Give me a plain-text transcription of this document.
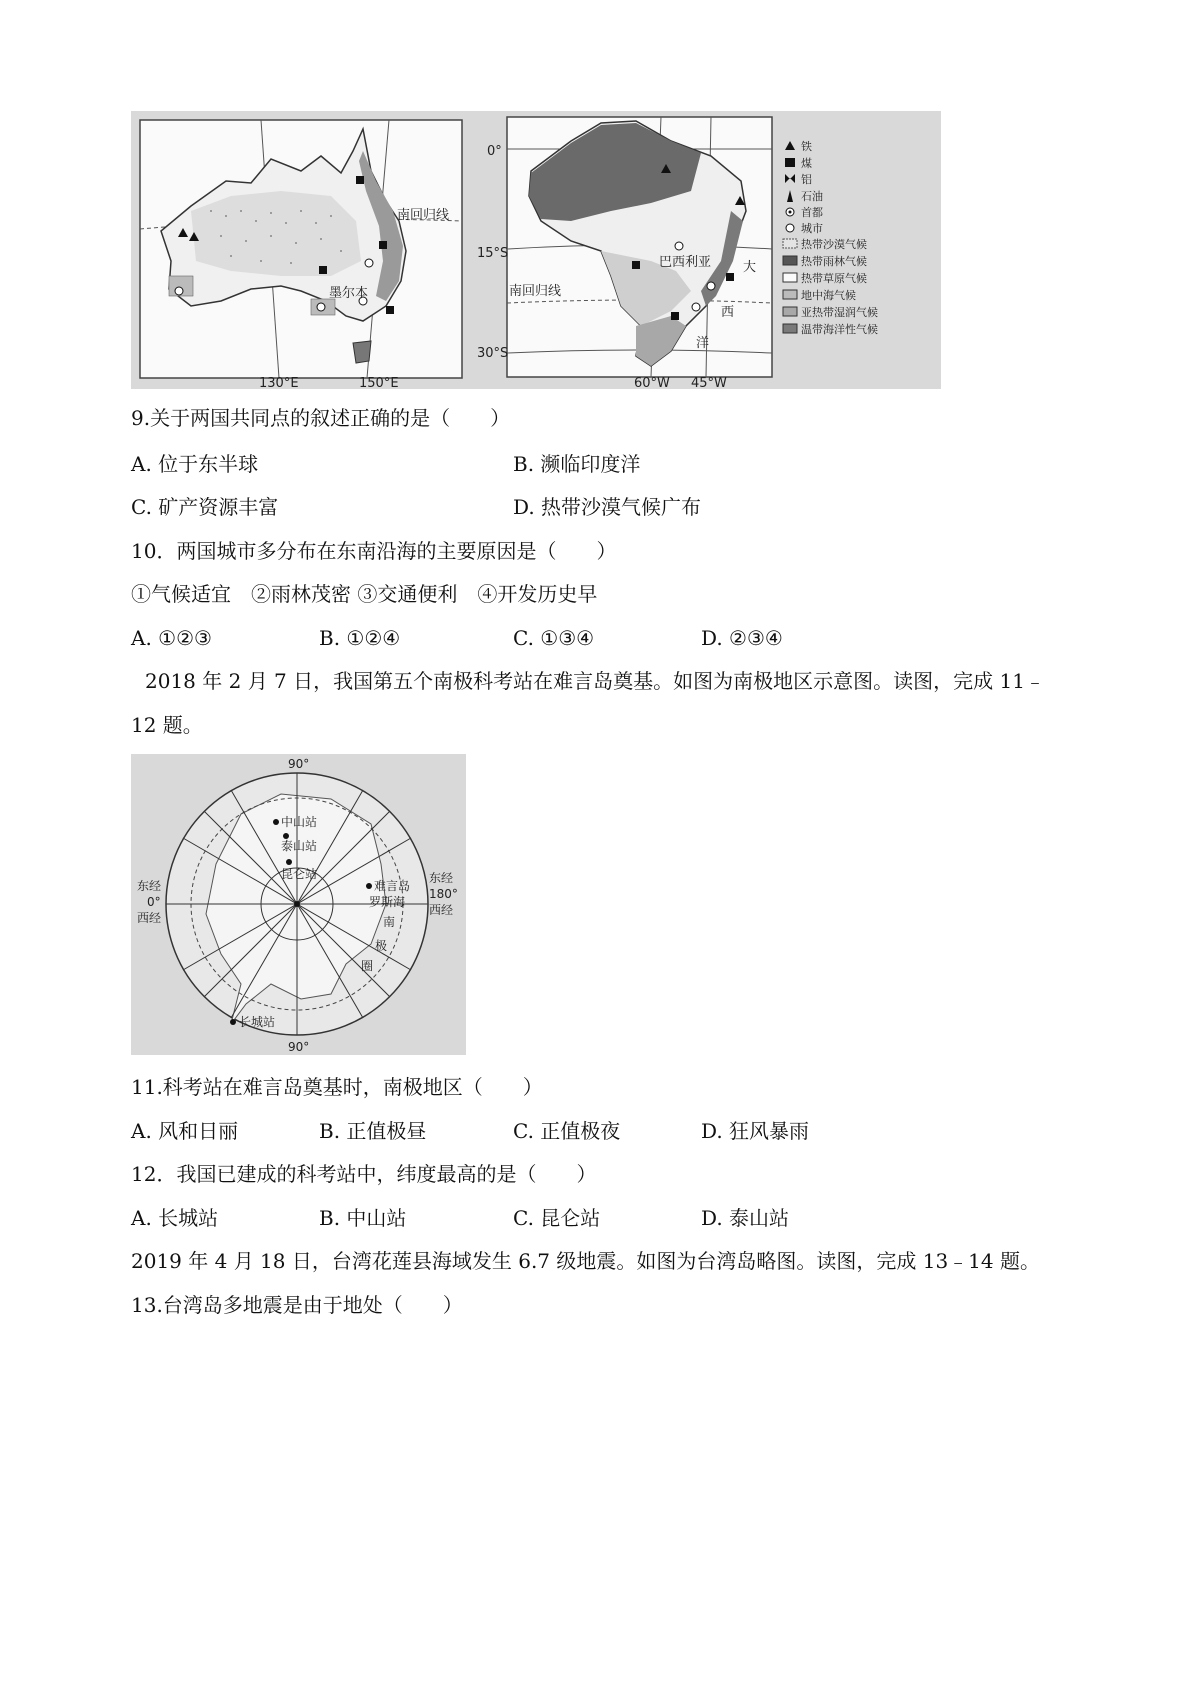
南回归线
墨尔本
130°E	150°E
0°
15°S
30°S
南回归线
巴西利亚 大
西
洋
60°W 45°W
铁
煤
铝
石油
首都
城市
热带沙漠气候
热带雨林气候
热带草原气候
地中海气候
亚热带湿润气候
温带海洋性气候
9.关于两国共同点的叙述正确的是（　　）
A. 位于东半球	B. 濒临印度洋
C. 矿产资源丰富	D. 热带沙漠气候广布
10．两国城市多分布在东南沿海的主要原因是（　　）
①气候适宜　②雨林茂密 ③交通便利　④开发历史早
A. ①②③	B. ①②④	C. ①③④	D. ②③④
2018 年 2 月 7 日，我国第五个南极科考站在难言岛奠基。如图为南极地区示意图。读图，完成 11﹣
12 题。
90°
90°
东经
0°
西经
东经
180°
西经
中山站
泰山站
昆仑站
难言岛
长城站
罗斯海
南
极
圈
11.科考站在难言岛奠基时，南极地区（　　）
A. 风和日丽	B. 正值极昼	C. 正值极夜	D. 狂风暴雨
12．我国已建成的科考站中，纬度最高的是（　　）
A. 长城站	B. 中山站	C. 昆仑站	D. 泰山站
2019 年 4 月 18 日，台湾花莲县海域发生 6.7 级地震。如图为台湾岛略图。读图，完成 13﹣14 题。
13.台湾岛多地震是由于地处（　　）
